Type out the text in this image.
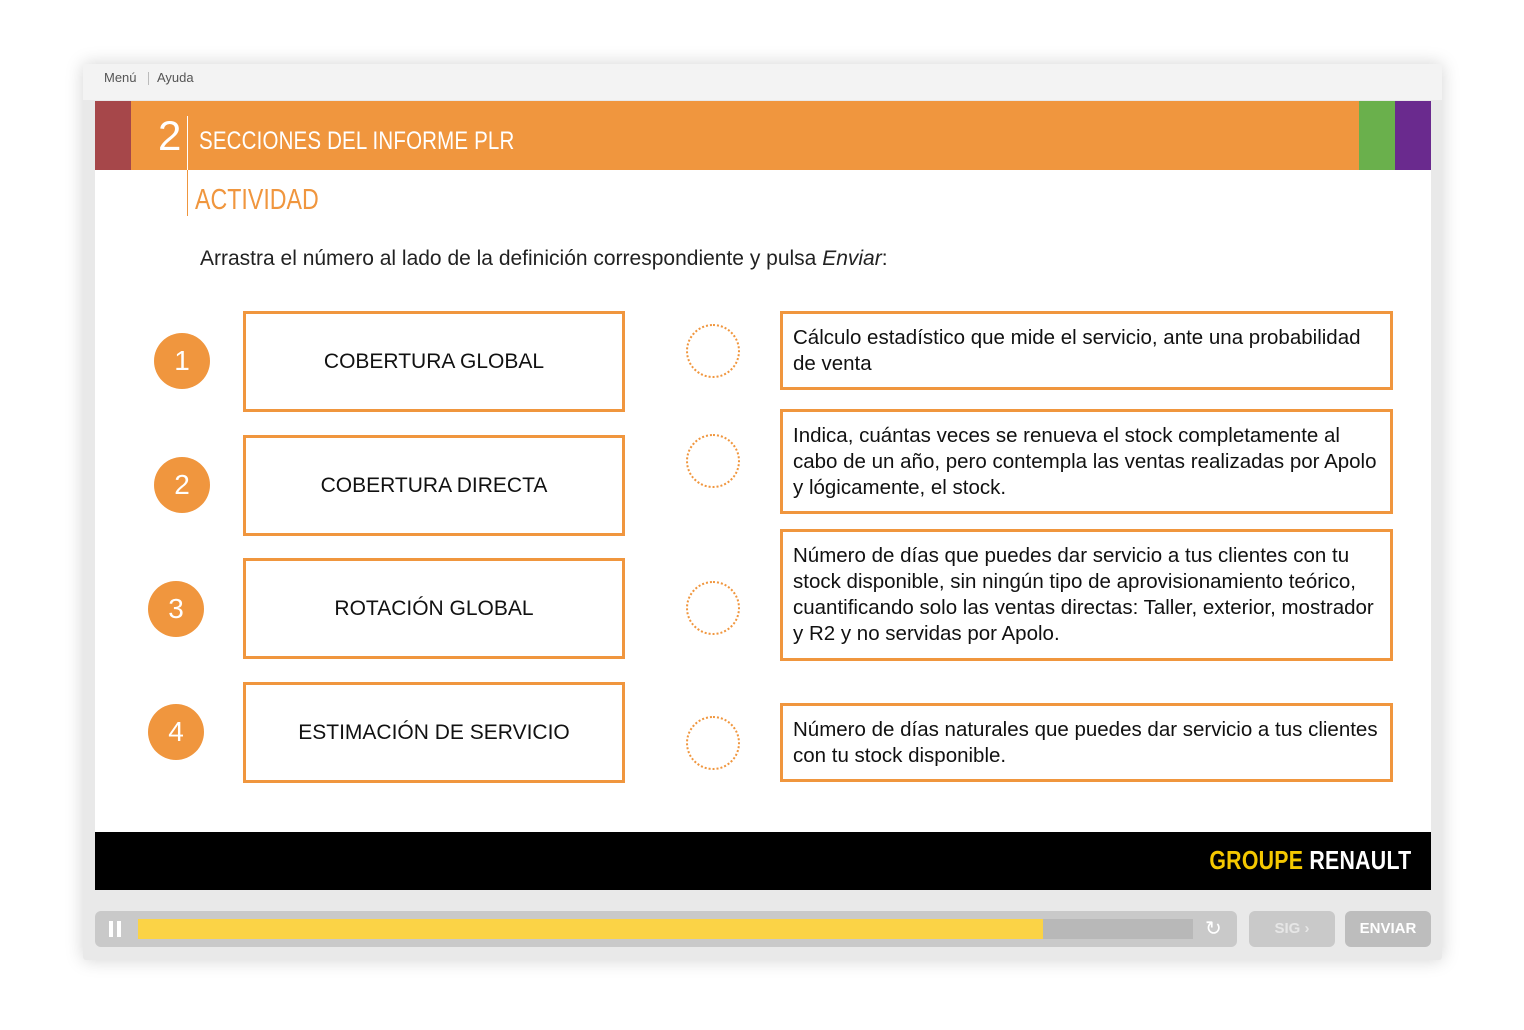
Menú Ayuda
2 SECCIONES DEL INFORME PLR
ACTIVIDAD
Arrastra el número al lado de la definición correspondiente y pulsa Enviar:
1
2
3
4
COBERTURA GLOBAL
COBERTURA DIRECTA
ROTACIÓN GLOBAL
ESTIMACIÓN DE SERVICIO
Cálculo estadístico que mide el servicio, ante una probabilidad de venta
Indica, cuántas veces se renueva el stock completamente al cabo de un año, pero contempla las ventas realizadas por Apolo y lógicamente, el stock.
Número de días que puedes dar servicio a tus clientes con tu stock disponible, sin ningún tipo de aprovisionamiento teórico, cuantificando solo las ventas directas: Taller, exterior, mostrador y R2 y no servidas por Apolo.
Número de días naturales que puedes dar servicio a tus clientes con tu stock disponible.
GROUPE RENAULT
↻	SIG ›	ENVIAR
